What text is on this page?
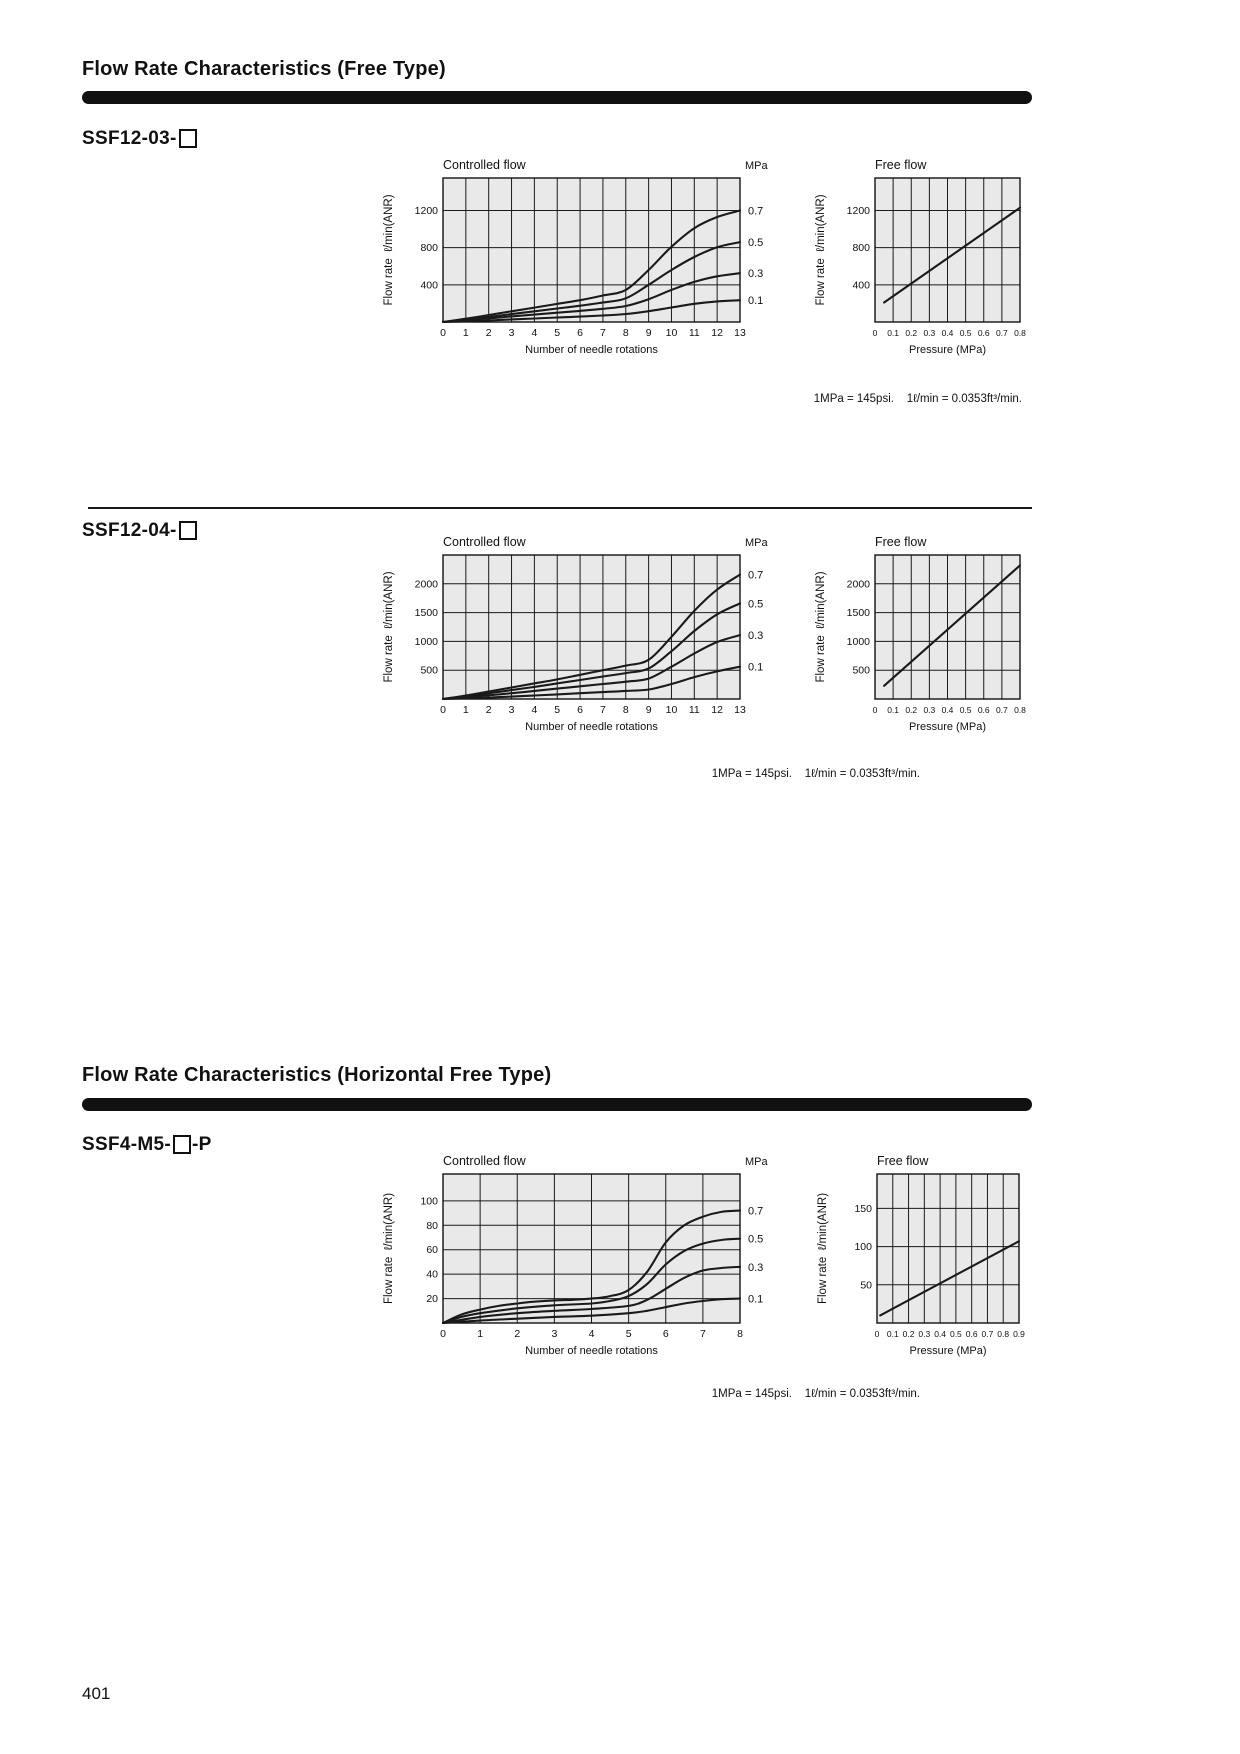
Flow Rate Characteristics (Free Type)
SSF12-03-
0.7
0.5
0.3
0.1
Controlled flow	MPa
400
800
1200
0 1 2 3 4 5 6 7 8 9 10 11 12 13
Number of needle rotations
Flow rate  ℓ/min(ANR)
Free flow
400
800
1200
0 0.1 0.2 0.3 0.4 0.5 0.6 0.7 0.8
Pressure (MPa)
Flow rate  ℓ/min(ANR)
1MPa = 145psi.    1ℓ/min = 0.0353ft³/min.
SSF12-04-
0.7
0.5
0.3
0.1
Controlled flow	MPa
500
1000
1500
2000
0 1 2 3 4 5 6 7 8 9 10 11 12 13
Number of needle rotations
Flow rate  ℓ/min(ANR)
Free flow
500
1000
1500
2000
0 0.1 0.2 0.3 0.4 0.5 0.6 0.7 0.8
Pressure (MPa)
Flow rate  ℓ/min(ANR)
1MPa = 145psi.    1ℓ/min = 0.0353ft³/min.
Flow Rate Characteristics (Horizontal Free Type)
SSF4-M5- -P
0.7
0.5
0.3
0.1
Controlled flow	MPa
20
40
60
80
100
0	1	2	3	4	5	6	7	8
Number of needle rotations
Flow rate  ℓ/min(ANR)
Free flow
50
100
150
0 0.1 0.2 0.3 0.4 0.5 0.6 0.7 0.8 0.9
Pressure (MPa)
Flow rate  ℓ/min(ANR)
1MPa = 145psi.    1ℓ/min = 0.0353ft³/min.
401
